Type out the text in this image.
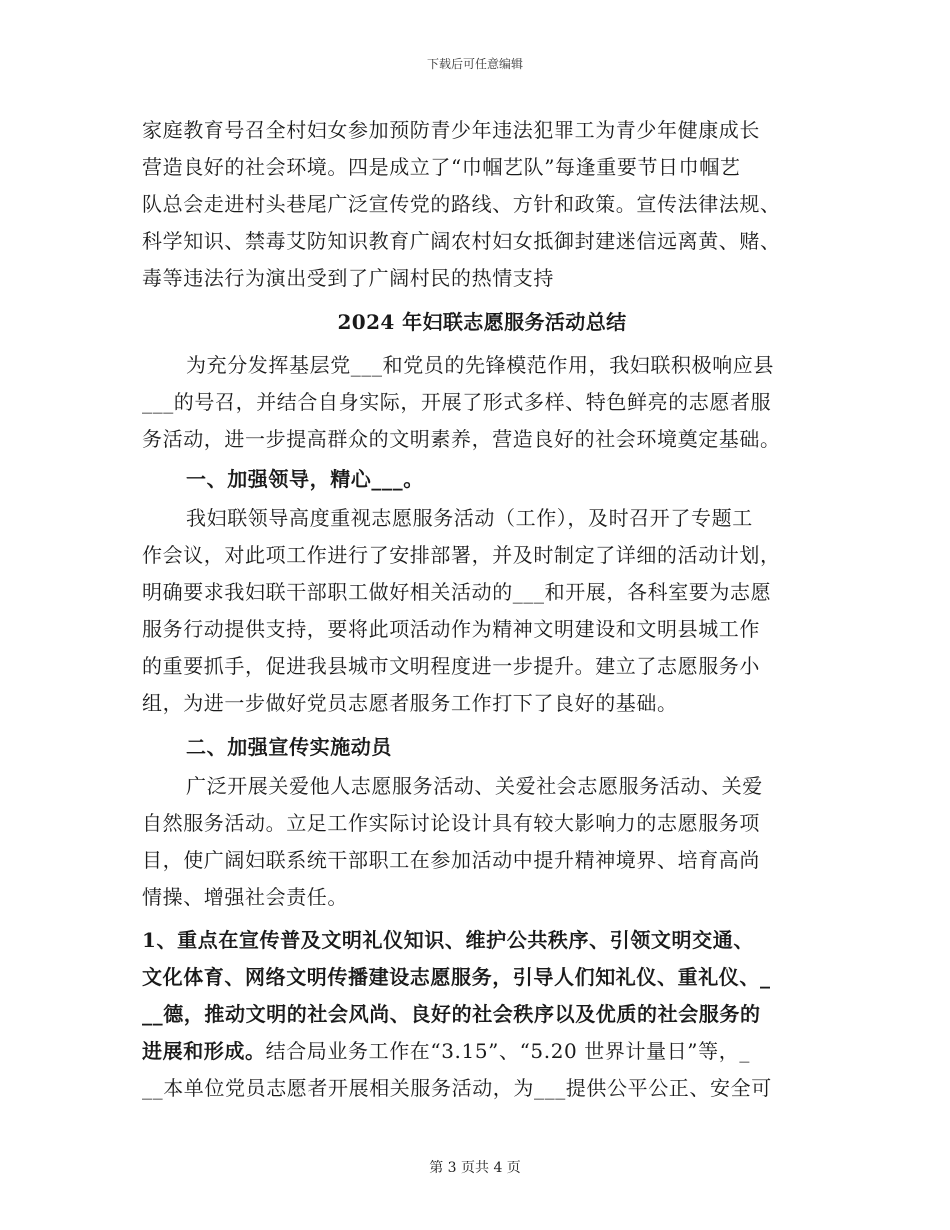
下载后可任意编辑
家庭教育号召全村妇女参加预防青少年违法犯罪工为青少年健康成长
营造良好的社会环境。四是成立了“巾帼艺队”每逢重要节日巾帼艺
队总会走进村头巷尾广泛宣传党的路线、方针和政策。宣传法律法规、
科学知识、禁毒艾防知识教育广阔农村妇女抵御封建迷信远离黄、赌、
毒等违法行为演出受到了广阔村民的热情支持
2024 年妇联志愿服务活动总结
为充分发挥基层党___和党员的先锋模范作用，我妇联积极响应县
___的号召，并结合自身实际，开展了形式多样、特色鲜亮的志愿者服
务活动，进一步提高群众的文明素养，营造良好的社会环境奠定基础。
一、加强领导，精心___。
我妇联领导高度重视志愿服务活动（工作），及时召开了专题工
作会议，对此项工作进行了安排部署，并及时制定了详细的活动计划，
明确要求我妇联干部职工做好相关活动的___和开展，各科室要为志愿
服务行动提供支持，要将此项活动作为精神文明建设和文明县城工作
的重要抓手，促进我县城市文明程度进一步提升。建立了志愿服务小
组，为进一步做好党员志愿者服务工作打下了良好的基础。
二、加强宣传实施动员
广泛开展关爱他人志愿服务活动、关爱社会志愿服务活动、关爱
自然服务活动。立足工作实际讨论设计具有较大影响力的志愿服务项
目，使广阔妇联系统干部职工在参加活动中提升精神境界、培育高尚
情操、增强社会责任。
1、重点在宣传普及文明礼仪知识、维护公共秩序、引领文明交通、
文化体育、网络文明传播建设志愿服务，引导人们知礼仪、重礼仪、_
__德，推动文明的社会风尚、良好的社会秩序以及优质的社会服务的
进展和形成。结合局业务工作在“3.15”、“5.20 世界计量日”等，_
__本单位党员志愿者开展相关服务活动，为___提供公平公正、安全可
第 3 页共 4 页
